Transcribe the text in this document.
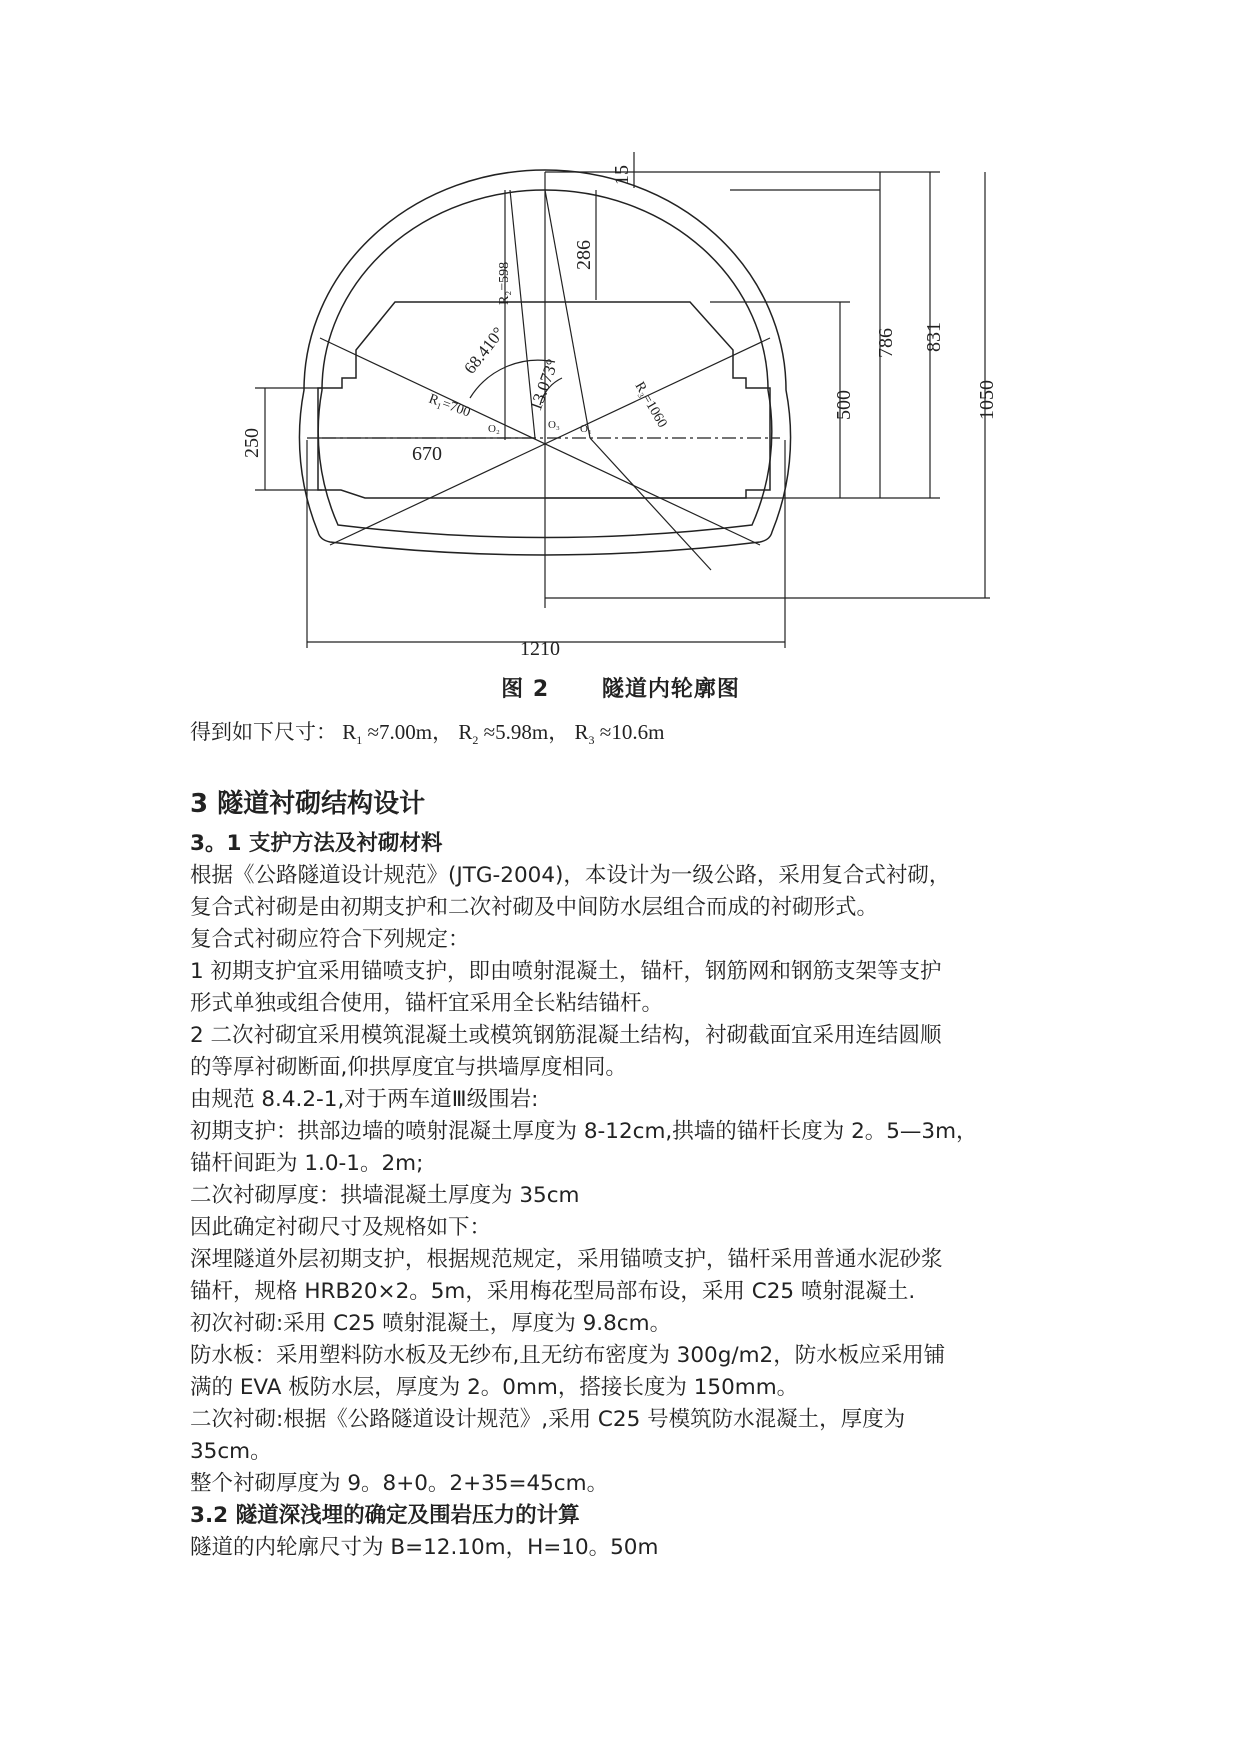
15
286
R₂=598
68.410°
13.073°
R₁=700	R₃=1060
250	670
500
786 831
1050
1210
O₁
O₂	O₃
图 2 隧道内轮廓图
得到如下尺寸： $R_1 \approx 7.00m$， $R_2 \approx 5.98m$， $R_3 \approx 10.6m$
3 隧道衬砌结构设计
3。1 支护方法及衬砌材料
根据《公路隧道设计规范》(JTG-2004)，本设计为一级公路，采用复合式衬砌，
复合式衬砌是由初期支护和二次衬砌及中间防水层组合而成的衬砌形式。
复合式衬砌应符合下列规定：
1 初期支护宜采用锚喷支护，即由喷射混凝土，锚杆，钢筋网和钢筋支架等支护
形式单独或组合使用，锚杆宜采用全长粘结锚杆。
2 二次衬砌宜采用模筑混凝土或模筑钢筋混凝土结构，衬砌截面宜采用连结圆顺
的等厚衬砌断面,仰拱厚度宜与拱墙厚度相同。
由规范 8.4.2-1,对于两车道Ⅲ级围岩:
初期支护：拱部边墙的喷射混凝土厚度为 8-12cm,拱墙的锚杆长度为 2。5—3m，
锚杆间距为 1.0-1。2m;
二次衬砌厚度：拱墙混凝土厚度为 35cm
因此确定衬砌尺寸及规格如下：
深埋隧道外层初期支护，根据规范规定，采用锚喷支护，锚杆采用普通水泥砂浆
锚杆，规格 HRB20×2。5m，采用梅花型局部布设，采用 C25 喷射混凝土.
初次衬砌:采用 C25 喷射混凝土，厚度为 9.8cm。
防水板：采用塑料防水板及无纱布,且无纺布密度为 300g/m2，防水板应采用铺
满的 EVA 板防水层，厚度为 2。0mm，搭接长度为 150mm。
二次衬砌:根据《公路隧道设计规范》,采用 C25 号模筑防水混凝土，厚度为
35cm。
整个衬砌厚度为 9。8+0。2+35=45cm。
3.2 隧道深浅埋的确定及围岩压力的计算
隧道的内轮廓尺寸为 B=12.10m，H=10。50m
